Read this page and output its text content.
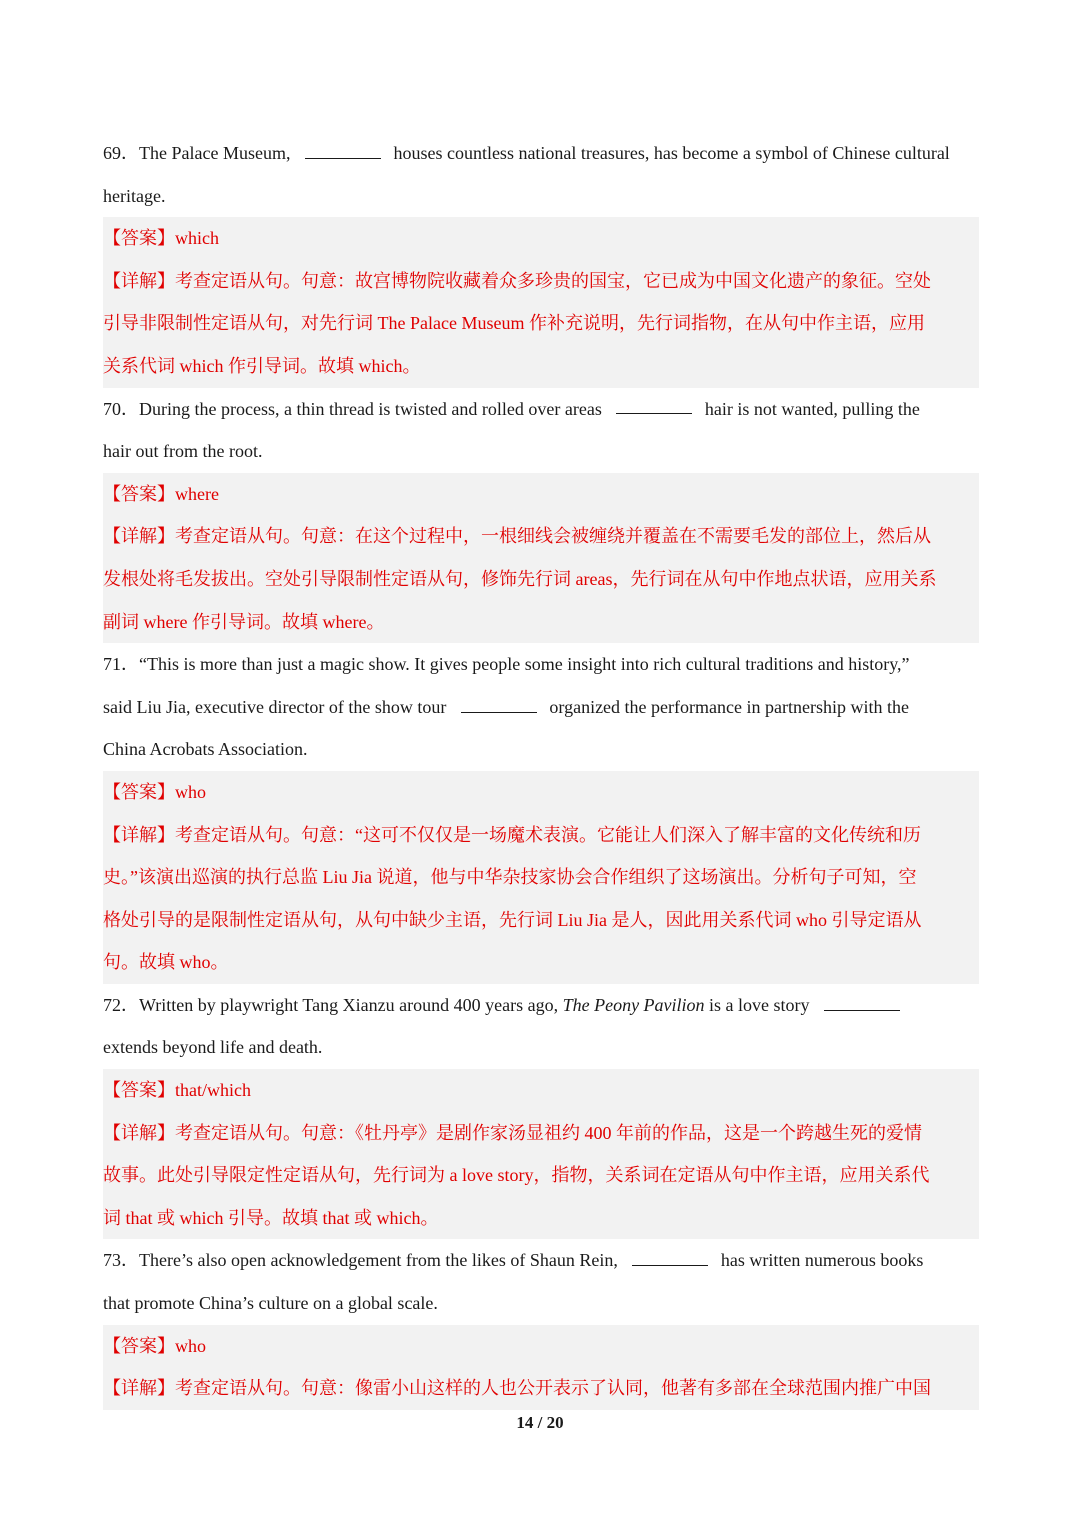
69．The Palace Museum,	houses countless national treasures, has become a symbol of Chinese cultural
heritage.
【答案】which
【详解】考查定语从句。句意：故宫博物院收藏着众多珍贵的国宝，它已成为中国文化遗产的象征。空处
引导非限制性定语从句，对先行词 The Palace Museum 作补充说明，先行词指物，在从句中作主语，应用
关系代词 which 作引导词。故填 which。
70．During the process, a thin thread is twisted and rolled over areas	hair is not wanted, pulling the
hair out from the root.
【答案】where
【详解】考查定语从句。句意：在这个过程中，一根细线会被缠绕并覆盖在不需要毛发的部位上，然后从
发根处将毛发拔出。空处引导限制性定语从句，修饰先行词 areas，先行词在从句中作地点状语，应用关系
副词 where 作引导词。故填 where。
71．“This is more than just a magic show. It gives people some insight into rich cultural traditions and history,”
said Liu Jia, executive director of the show tour	organized the performance in partnership with the
China Acrobats Association.
【答案】who
【详解】考查定语从句。句意：“这可不仅仅是一场魔术表演。它能让人们深入了解丰富的文化传统和历
史。”该演出巡演的执行总监 Liu Jia 说道，他与中华杂技家协会合作组织了这场演出。分析句子可知，空
格处引导的是限制性定语从句，从句中缺少主语，先行词 Liu Jia 是人，因此用关系代词 who 引导定语从
句。故填 who。
72．Written by playwright Tang Xianzu around 400 years ago, The Peony Pavilion is a love story
extends beyond life and death.
【答案】that/which
【详解】考查定语从句。句意：《牡丹亭》是剧作家汤显祖约 400 年前的作品，这是一个跨越生死的爱情
故事。此处引导限定性定语从句，先行词为 a love story，指物，关系词在定语从句中作主语，应用关系代
词 that 或 which 引导。故填 that 或 which。
73．There’s also open acknowledgement from the likes of Shaun Rein,	has written numerous books
that promote China’s culture on a global scale.
【答案】who
【详解】考查定语从句。句意：像雷小山这样的人也公开表示了认同，他著有多部在全球范围内推广中国
14 / 20
